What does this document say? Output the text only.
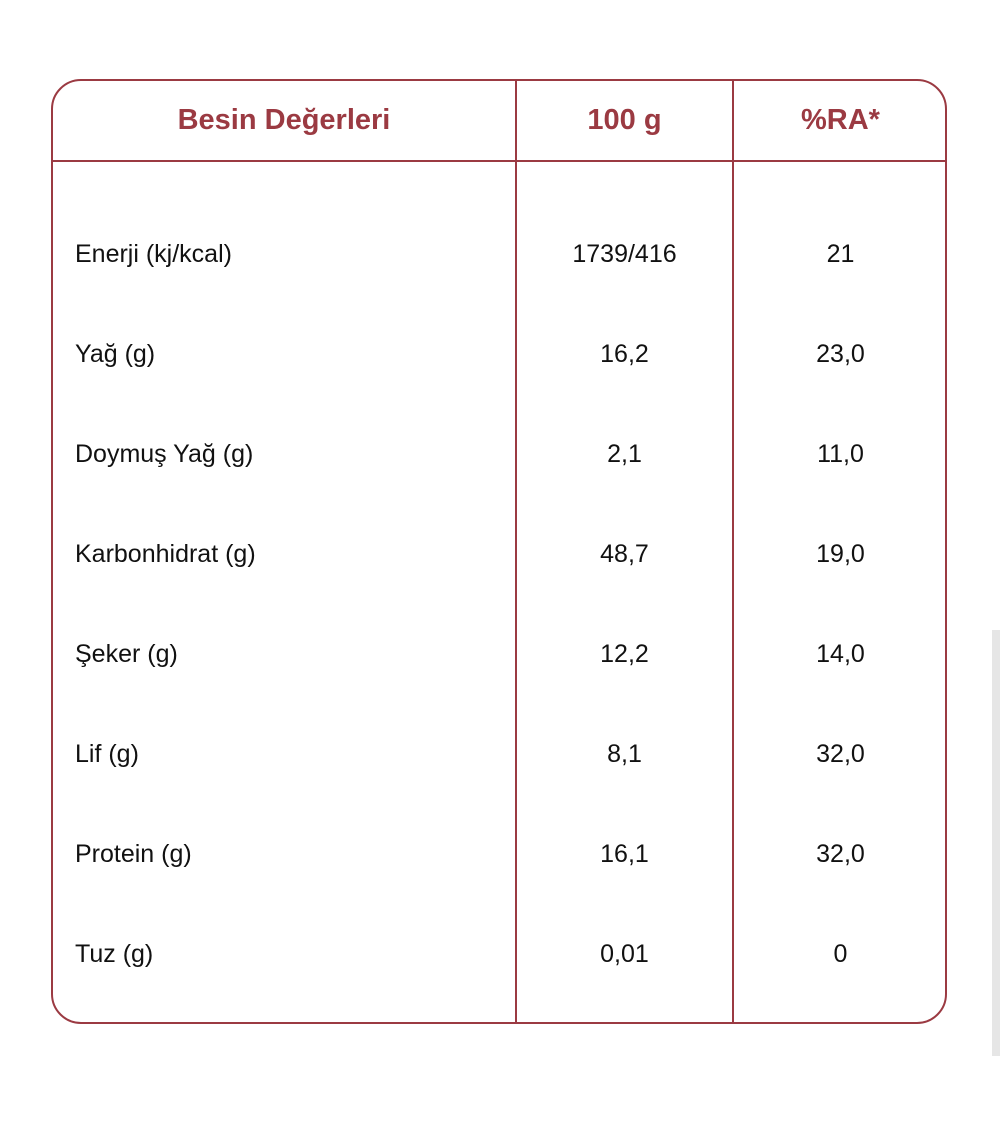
Besin Değerleri	100 g	%RA*
Enerji (kj/kcal)	1739/416	21
Yağ (g)	16,2	23,0
Doymuş Yağ (g)	2,1	11,0
Karbonhidrat (g)	48,7	19,0
Şeker (g)	12,2	14,0
Lif (g)	8,1	32,0
Protein (g)	16,1	32,0
Tuz (g)	0,01	0
